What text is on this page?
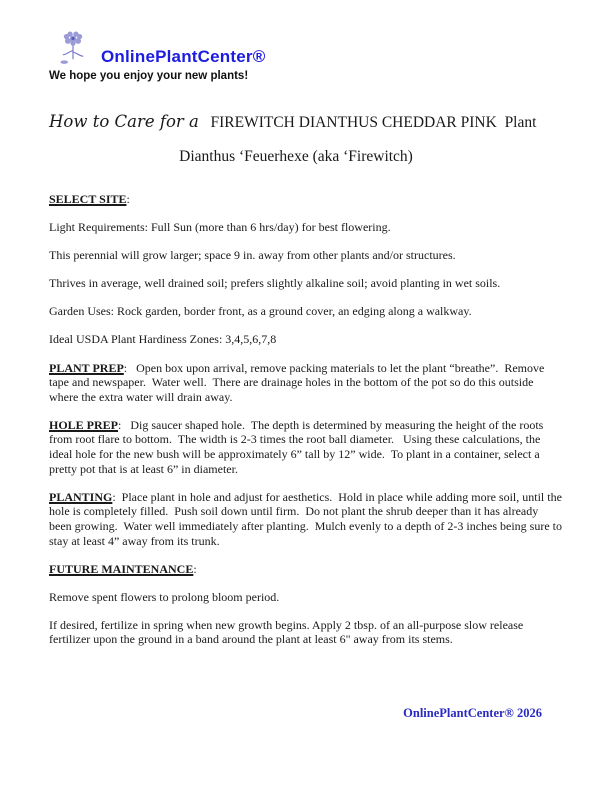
OnlinePlantCenter®
We hope you enjoy your new plants!
How to Care for a FIREWITCH DIANTHUS CHEDDAR PINK Plant
Dianthus ‘Feuerhexe (aka ‘Firewitch)

SELECT SITE:

Light Requirements: Full Sun (more than 6 hrs/day) for best flowering.

This perennial will grow larger; space 9 in. away from other plants and/or structures.

Thrives in average, well drained soil; prefers slightly alkaline soil; avoid planting in wet soils.

Garden Uses: Rock garden, border front, as a ground cover, an edging along a walkway.

Ideal USDA Plant Hardiness Zones: 3,4,5,6,7,8

PLANT PREP:   Open box upon arrival, remove packing materials to let the plant “breathe”.  Remove tape and newspaper.  Water well.  There are drainage holes in the bottom of the pot so do this outside where the extra water will drain away.

HOLE PREP:   Dig saucer shaped hole.  The depth is determined by measuring the height of the roots from root flare to bottom.  The width is 2-3 times the root ball diameter.   Using these calculations, the ideal hole for the new bush will be approximately 6” tall by 12” wide.  To plant in a container, select a pretty pot that is at least 6” in diameter.

PLANTING:  Place plant in hole and adjust for aesthetics.  Hold in place while adding more soil, until the hole is completely filled.  Push soil down until firm.  Do not plant the shrub deeper than it has already been growing.  Water well immediately after planting.  Mulch evenly to a depth of 2-3 inches being sure to stay at least 4” away from its trunk.

FUTURE MAINTENANCE:

Remove spent flowers to prolong bloom period.

If desired, fertilize in spring when new growth begins. Apply 2 tbsp. of an all-purpose slow release fertilizer upon the ground in a band around the plant at least 6" away from its stems.

OnlinePlantCenter® 2026
